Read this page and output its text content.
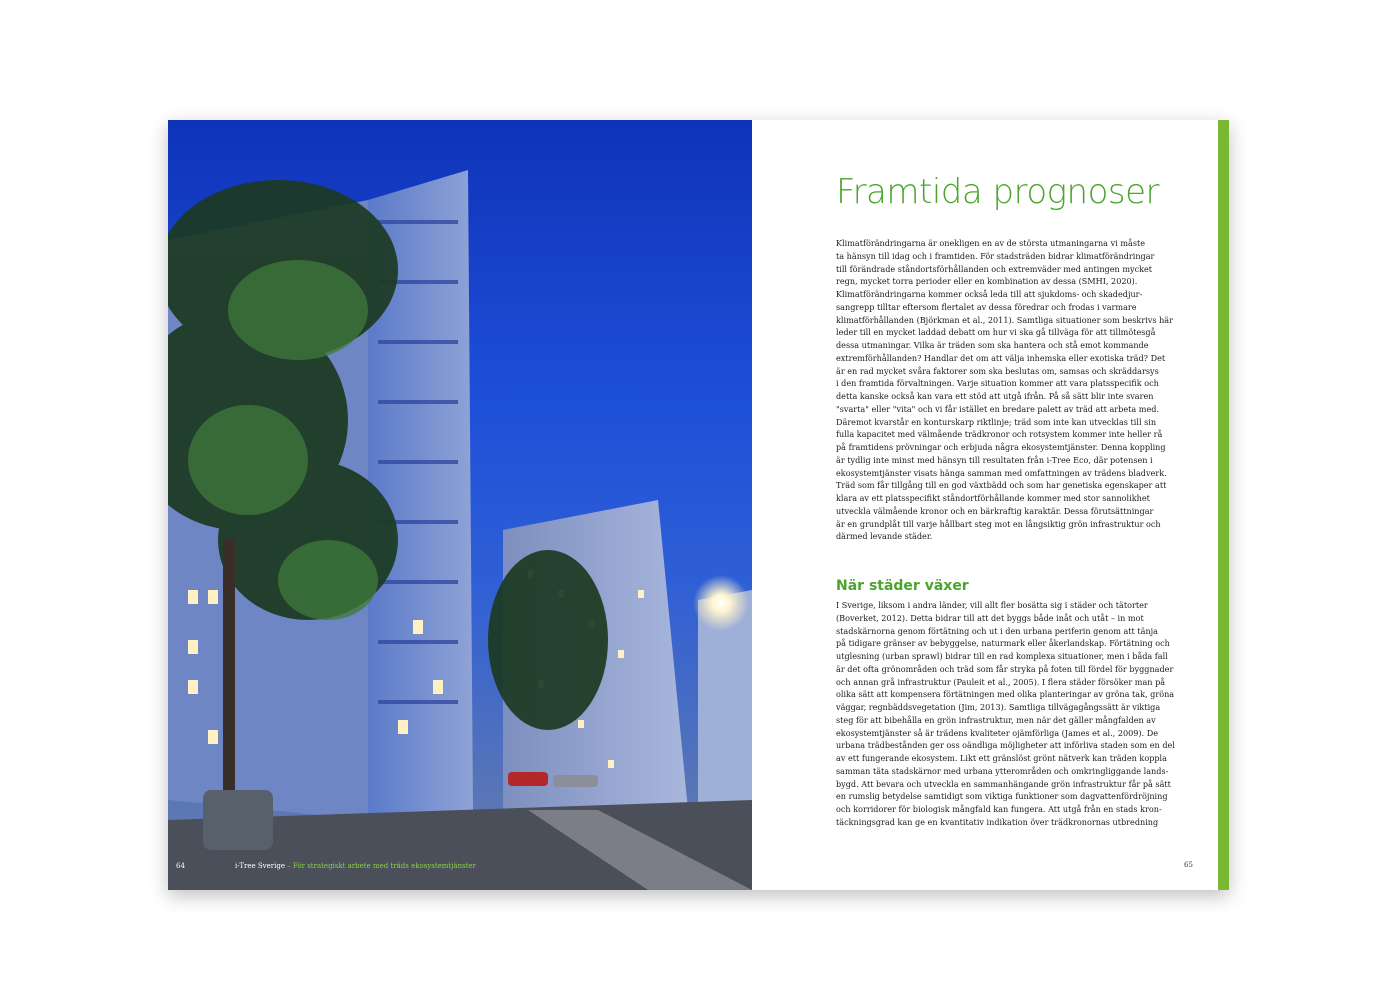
64	i-Tree Sverige – För strategiskt arbete med träds ekosystemtjänster
Framtida prognoser

Klimatförändringarna är onekligen en av de största utmaningarna vi måste

ta hänsyn till idag och i framtiden. För stadsträden bidrar klimatförändringar

till förändrade ståndortsförhållanden och extremväder med antingen mycket

regn, mycket torra perioder eller en kombination av dessa (SMHI, 2020).

Klimatförändringarna kommer också leda till att sjukdoms- och skadedjur-

sangrepp tilltar eftersom flertalet av dessa föredrar och frodas i varmare

klimatförhållanden (Björkman et al., 2011). Samtliga situationer som beskrivs här

leder till en mycket laddad debatt om hur vi ska gå tillväga för att tillmötesgå

dessa utmaningar. Vilka är träden som ska hantera och stå emot kommande

extremförhållanden? Handlar det om att välja inhemska eller exotiska träd? Det

är en rad mycket svåra faktorer som ska beslutas om, samsas och skräddarsys

i den framtida förvaltningen. Varje situation kommer att vara platsspecifik och

detta kanske också kan vara ett stöd att utgå ifrån. På så sätt blir inte svaren

"svarta" eller "vita" och vi får istället en bredare palett av träd att arbeta med.

Däremot kvarstår en konturskarp riktlinje; träd som inte kan utvecklas till sin

fulla kapacitet med välmående trädkronor och rotsystem kommer inte heller rå

på framtidens prövningar och erbjuda några ekosystemtjänster. Denna koppling

är tydlig inte minst med hänsyn till resultaten från i-Tree Eco, där potensen i

ekosystemtjänster visats hänga samman med omfattningen av trädens bladverk.

Träd som får tillgång till en god växtbädd och som har genetiska egenskaper att

klara av ett platsspecifikt ståndortförhållande kommer med stor sannolikhet

utveckla välmående kronor och en bärkraftig karaktär. Dessa förutsättningar

är en grundplåt till varje hållbart steg mot en långsiktig grön infrastruktur och

därmed levande städer.

När städer växer

I Sverige, liksom i andra länder, vill allt fler bosätta sig i städer och tätorter

(Boverket, 2012). Detta bidrar till att det byggs både inåt och utåt – in mot

stadskärnorna genom förtätning och ut i den urbana periferin genom att tänja

på tidigare gränser av bebyggelse, naturmark eller åkerlandskap. Förtätning och

utglesning (urban sprawl) bidrar till en rad komplexa situationer, men i båda fall

är det ofta grönområden och träd som får stryka på foten till fördel för byggnader

och annan grå infrastruktur (Pauleit et al., 2005). I flera städer försöker man på

olika sätt att kompensera förtätningen med olika planteringar av gröna tak, gröna

väggar, regnbäddsvegetation (Jim, 2013). Samtliga tillvägagångssätt är viktiga

steg för att bibehålla en grön infrastruktur, men när det gäller mångfalden av

ekosystemtjänster så är trädens kvaliteter ojämförliga (James et al., 2009). De

urbana trädbestånden ger oss oändliga möjligheter att införliva staden som en del

av ett fungerande ekosystem. Likt ett gränslöst grönt nätverk kan träden koppla

samman täta stadskärnor med urbana ytterområden och omkringliggande lands-

bygd. Att bevara och utveckla en sammanhängande grön infrastruktur får på sätt

en rumslig betydelse samtidigt som viktiga funktioner som dagvattenfördröjning

och korridorer för biologisk mångfald kan fungera. Att utgå från en stads kron-

täckningsgrad kan ge en kvantitativ indikation över trädkronornas utbredning

65
